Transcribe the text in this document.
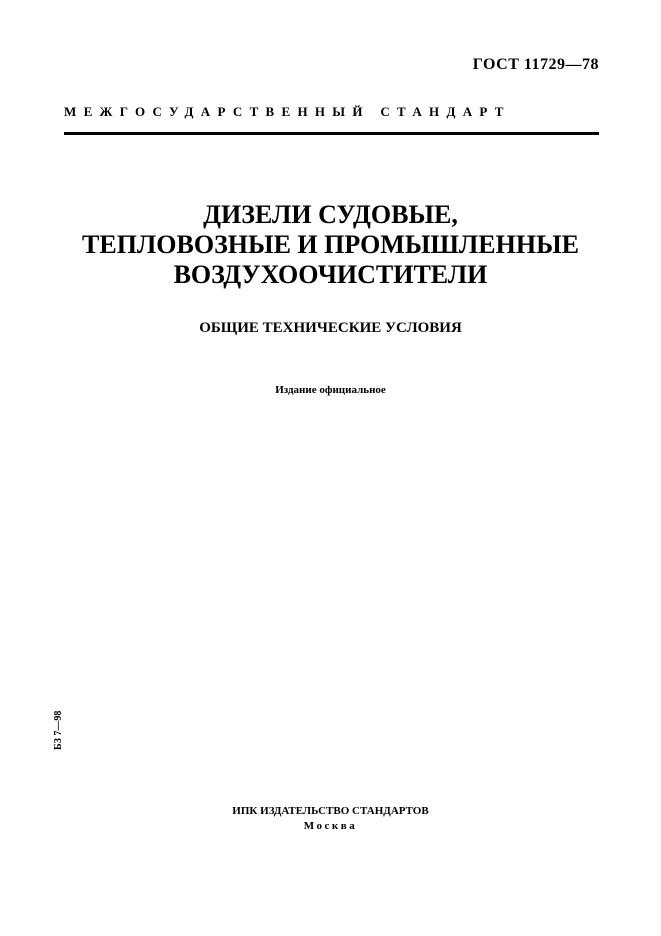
ГОСТ 11729—78
МЕЖГОСУДАРСТВЕННЫЙ СТАНДАРТ
ДИЗЕЛИ СУДОВЫЕ,
ТЕПЛОВОЗНЫЕ И ПРОМЫШЛЕННЫЕ
ВОЗДУХООЧИСТИТЕЛИ
ОБЩИЕ ТЕХНИЧЕСКИЕ УСЛОВИЯ
Издание официальное
БЗ 7—98
ИПК ИЗДАТЕЛЬСТВО СТАНДАРТОВ
Москва
